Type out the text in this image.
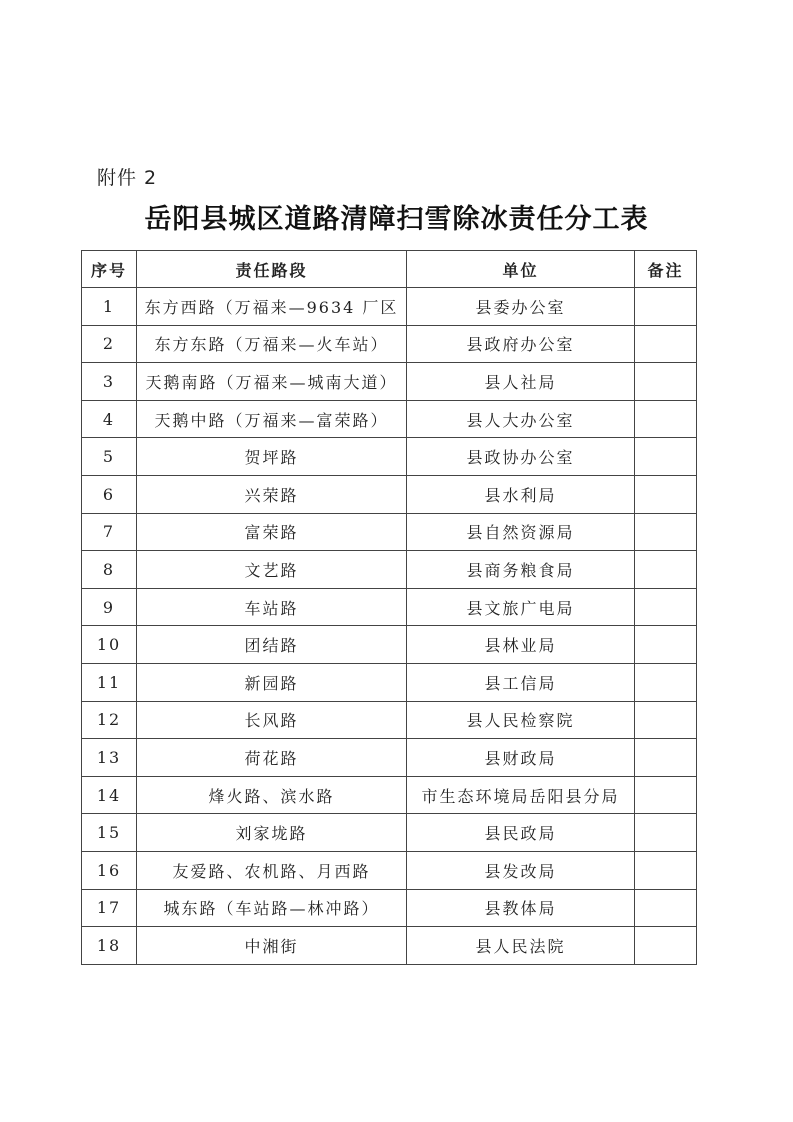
附件 2
岳阳县城区道路清障扫雪除冰责任分工表
序号	责任路段	单位	备注
1	东方西路（万福来—9634 厂区	县委办公室	
2	东方东路（万福来—火车站）	县政府办公室	
3	天鹅南路（万福来—城南大道）	县人社局	
4	天鹅中路（万福来—富荣路）	县人大办公室	
5	贺坪路	县政协办公室	
6	兴荣路	县水利局	
7	富荣路	县自然资源局	
8	文艺路	县商务粮食局	
9	车站路	县文旅广电局	
10	团结路	县林业局	
11	新园路	县工信局	
12	长风路	县人民检察院	
13	荷花路	县财政局	
14	烽火路、滨水路	市生态环境局岳阳县分局	
15	刘家垅路	县民政局	
16	友爱路、农机路、月西路	县发改局	
17	城东路（车站路—林冲路）	县教体局	
18	中湘街	县人民法院	
